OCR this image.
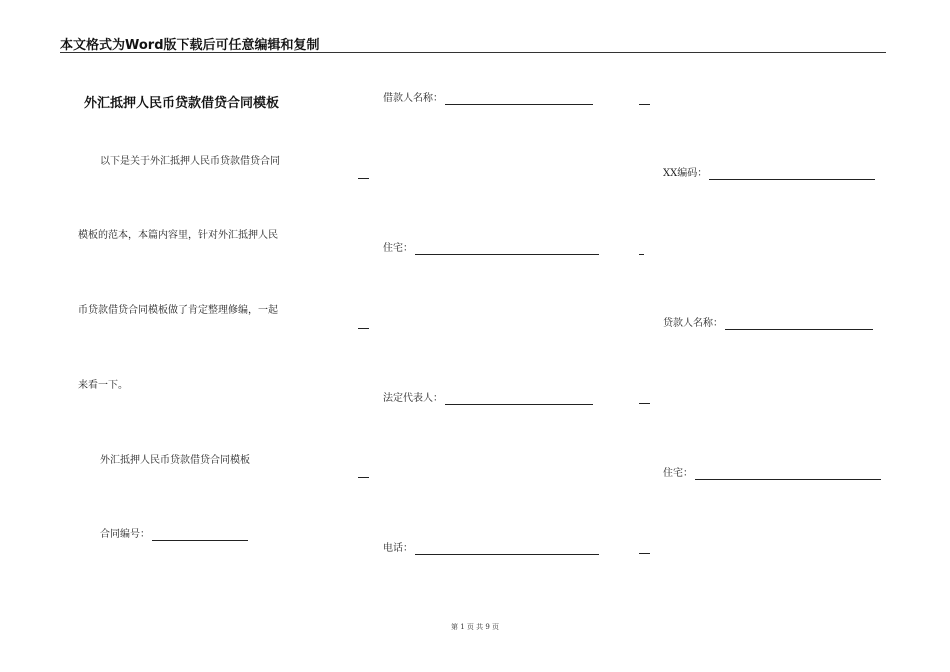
本文格式为Word版下载后可任意编辑和复制
外汇抵押人民币贷款借贷合同模板
以下是关于外汇抵押人民币贷款借贷合同
模板的范本，本篇内容里，针对外汇抵押人民
币贷款借贷合同模板做了肯定整理修编，一起
来看一下。
外汇抵押人民币贷款借贷合同模板
合同编号：
借款人名称：
住宅：
法定代表人：
电话：
XX编码：
贷款人名称：
住宅：
第 1 页 共 9 页
